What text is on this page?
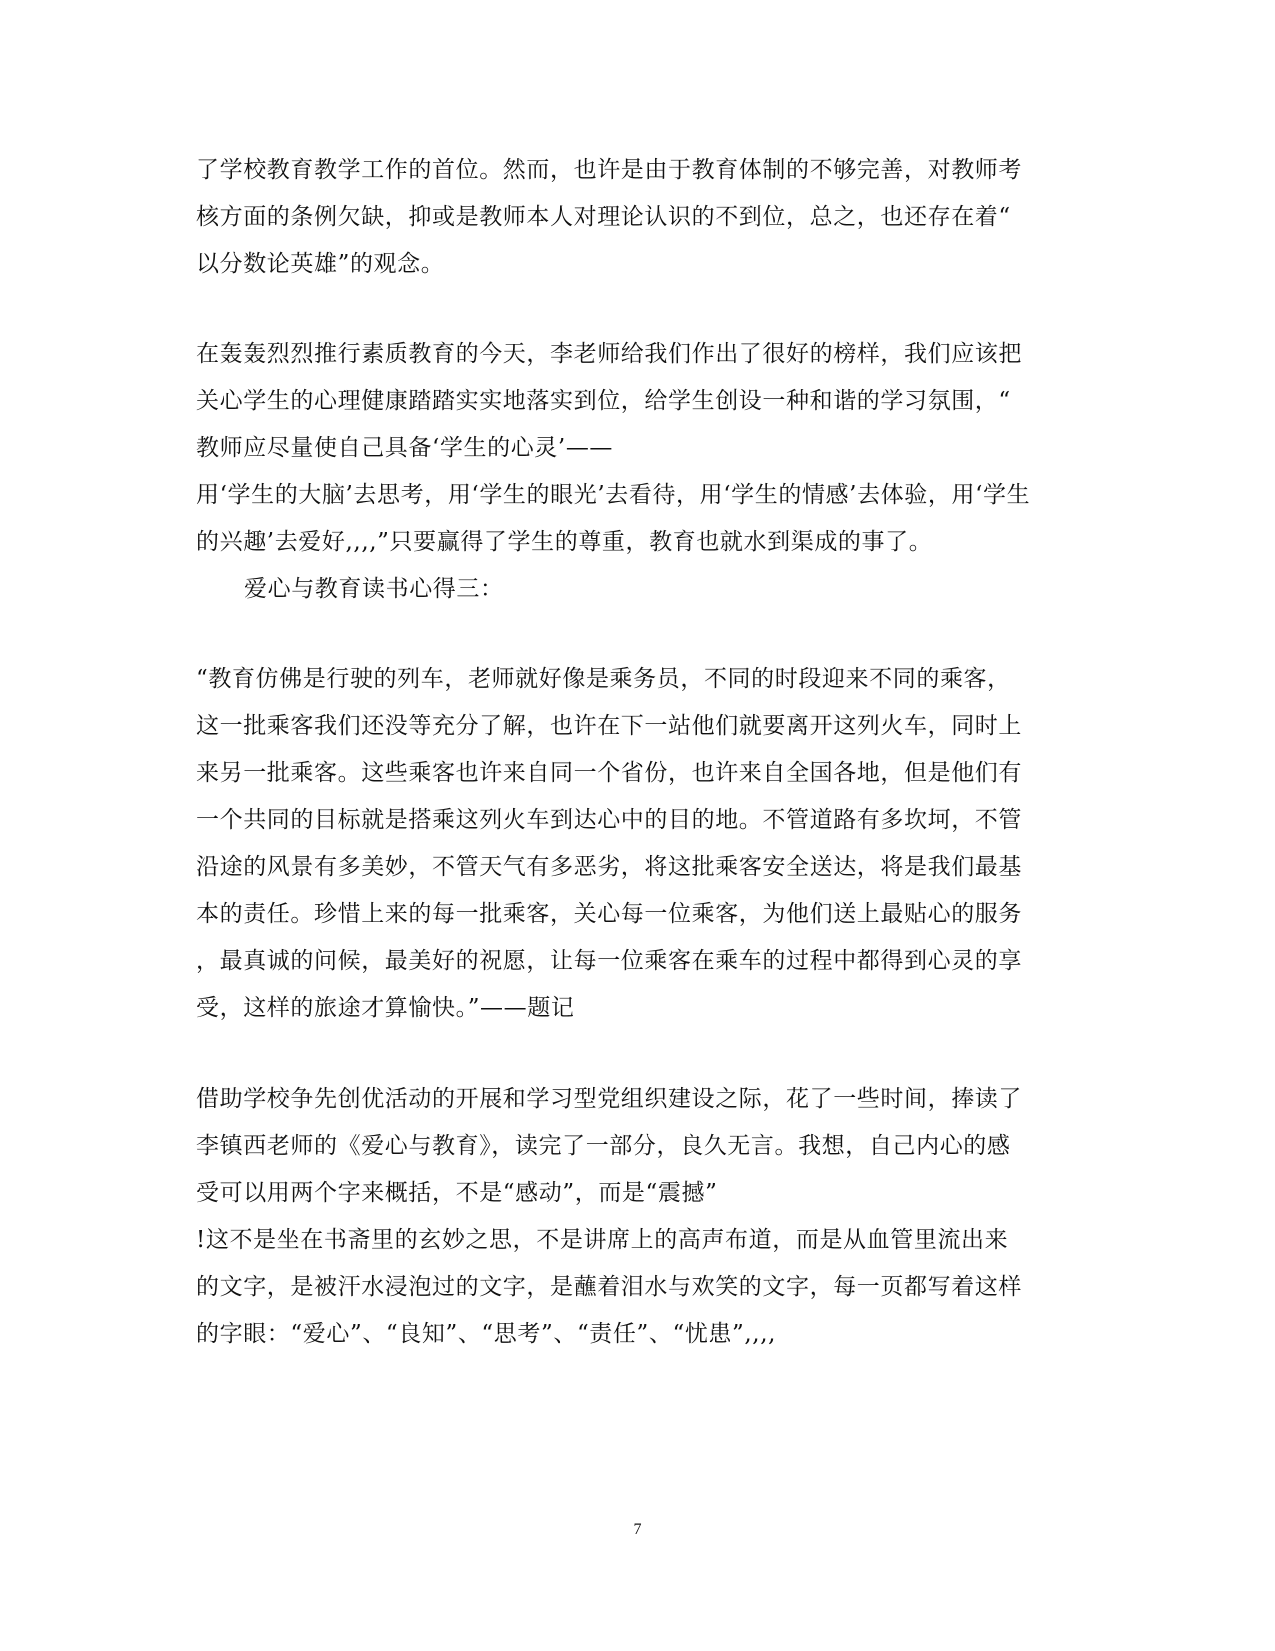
了学校教育教学工作的首位。然而，也许是由于教育体制的不够完善，对教师考
核方面的条例欠缺，抑或是教师本人对理论认识的不到位，总之，也还存在着“
以分数论英雄”的观念。
在轰轰烈烈推行素质教育的今天，李老师给我们作出了很好的榜样，我们应该把
关心学生的心理健康踏踏实实地落实到位，给学生创设一种和谐的学习氛围，“
教师应尽量使自己具备‘学生的心灵’——
用‘学生的大脑’去思考，用‘学生的眼光’去看待，用‘学生的情感’去体验，用‘学生
的兴趣’去爱好,,,,”只要赢得了学生的尊重，教育也就水到渠成的事了。
爱心与教育读书心得三：
“教育仿佛是行驶的列车，老师就好像是乘务员，不同的时段迎来不同的乘客，
这一批乘客我们还没等充分了解，也许在下一站他们就要离开这列火车，同时上
来另一批乘客。这些乘客也许来自同一个省份，也许来自全国各地，但是他们有
一个共同的目标就是搭乘这列火车到达心中的目的地。不管道路有多坎坷，不管
沿途的风景有多美妙，不管天气有多恶劣，将这批乘客安全送达，将是我们最基
本的责任。珍惜上来的每一批乘客，关心每一位乘客，为他们送上最贴心的服务
，最真诚的问候，最美好的祝愿，让每一位乘客在乘车的过程中都得到心灵的享
受，这样的旅途才算愉快。”——题记
借助学校争先创优活动的开展和学习型党组织建设之际，花了一些时间，捧读了
李镇西老师的《爱心与教育》，读完了一部分，良久无言。我想，自己内心的感
受可以用两个字来概括，不是“感动”，而是“震撼”
!这不是坐在书斋里的玄妙之思，不是讲席上的高声布道，而是从血管里流出来
的文字，是被汗水浸泡过的文字，是蘸着泪水与欢笑的文字，每一页都写着这样
的字眼：“爱心”、“良知”、“思考”、“责任”、“忧患”,,,,
7
